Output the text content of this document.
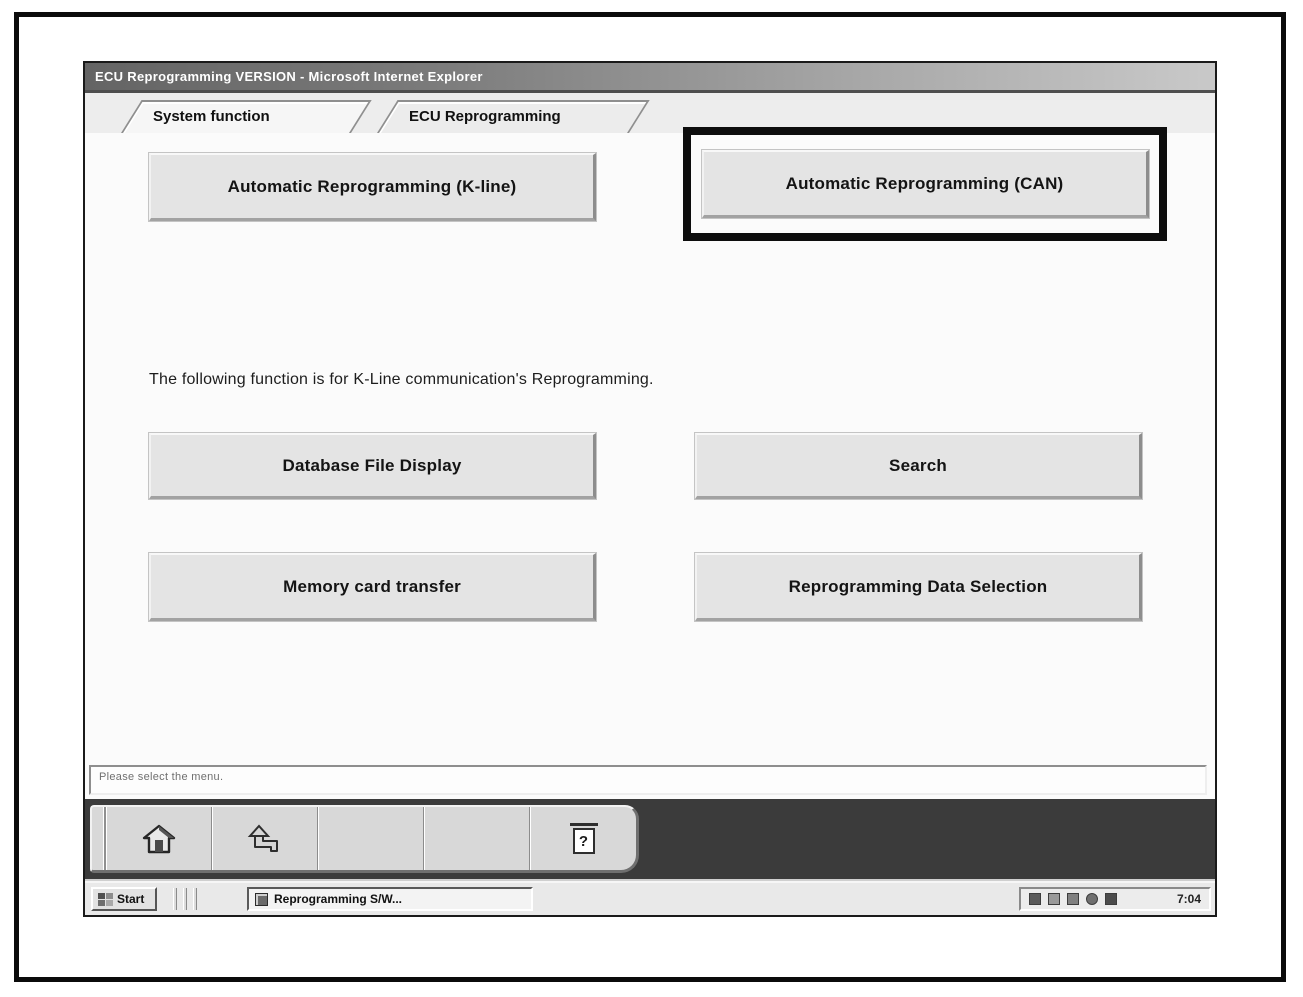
ECU Reprogramming VERSION - Microsoft Internet Explorer
System function	ECU Reprogramming
Automatic Reprogramming (K-line)	Automatic Reprogramming (CAN)
The following function is for K-Line communication's Reprogramming.
Database File Display	Search
Memory card transfer	Reprogramming Data Selection
Please select the menu.
?
Start	Reprogramming S/W...	7:04
